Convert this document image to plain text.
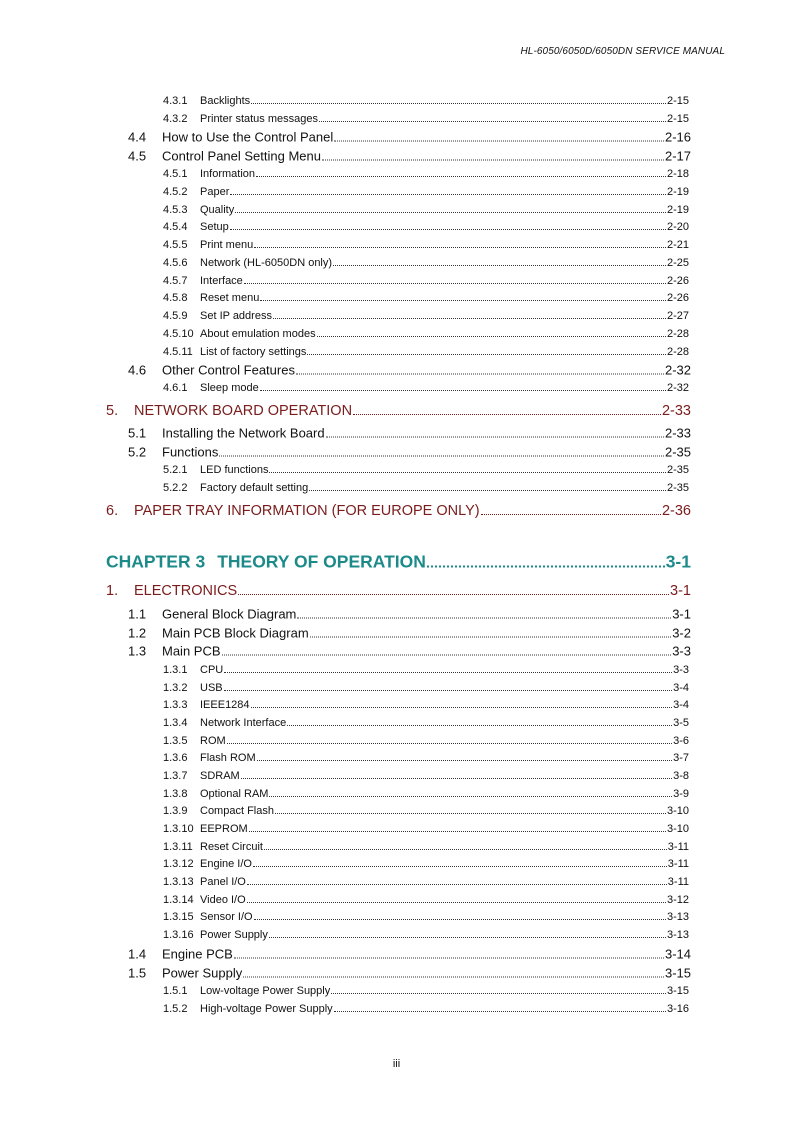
HL-6050/6050D/6050DN SERVICE MANUAL
4.3.1	Backlights	2-15
4.3.2	Printer status messages	2-15
4.4	How to Use the Control Panel	2-16
4.5	Control Panel Setting Menu	2-17
4.5.1	Information	2-18
4.5.2	Paper	2-19
4.5.3	Quality	2-19
4.5.4	Setup	2-20
4.5.5	Print menu	2-21
4.5.6	Network (HL-6050DN only)	2-25
4.5.7	Interface	2-26
4.5.8	Reset menu	2-26
4.5.9	Set IP address	2-27
4.5.10 About emulation modes	2-28
4.5.11 List of factory settings	2-28
4.6	Other Control Features	2-32
4.6.1	Sleep mode	2-32
5.	NETWORK BOARD OPERATION	2-33
5.1	Installing the Network Board	2-33
5.2	Functions	2-35
5.2.1	LED functions	2-35
5.2.2	Factory default setting	2-35
6.	PAPER TRAY INFORMATION (FOR EUROPE ONLY)	2-36
CHAPTER 3 THEORY OF OPERATION	3-1
1.	ELECTRONICS	3-1
1.1	General Block Diagram	3-1
1.2	Main PCB Block Diagram	3-2
1.3	Main PCB	3-3
1.3.1	CPU	3-3
1.3.2	USB	3-4
1.3.3	IEEE1284	3-4
1.3.4	Network Interface	3-5
1.3.5	ROM	3-6
1.3.6	Flash ROM	3-7
1.3.7	SDRAM	3-8
1.3.8	Optional RAM	3-9
1.3.9	Compact Flash	3-10
1.3.10 EEPROM	3-10
1.3.11 Reset Circuit	3-11
1.3.12 Engine I/O	3-11
1.3.13 Panel I/O	3-11
1.3.14 Video I/O	3-12
1.3.15 Sensor I/O	3-13
1.3.16 Power Supply	3-13
1.4	Engine PCB	3-14
1.5	Power Supply	3-15
1.5.1	Low-voltage Power Supply	3-15
1.5.2	High-voltage Power Supply	3-16
iii
